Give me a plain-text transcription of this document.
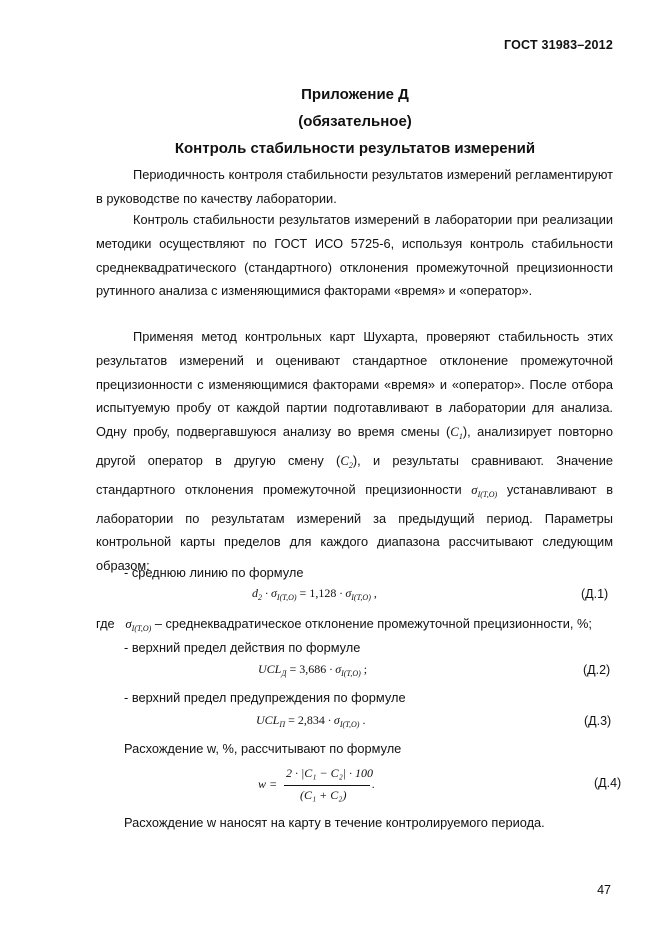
ГОСТ 31983–2012
Приложение Д
(обязательное)
Контроль стабильности результатов измерений
Периодичность контроля стабильности результатов измерений регламентируют в руководстве по качеству лаборатории.
Контроль стабильности результатов измерений в лаборатории при реализации методики осуществляют по ГОСТ ИСО 5725-6, используя контроль стабильности среднеквадратического (стандартного) отклонения промежуточной прецизионности рутинного анализа с изменяющимися факторами «время» и «оператор».
Применяя метод контрольных карт Шухарта, проверяют стабильность этих результатов измерений и оценивают стандартное отклонение промежуточной прецизионности с изменяющимися факторами «время» и «оператор». После отбора испытуемую пробу от каждой партии подготавливают в лаборатории для анализа. Одну пробу, подвергавшуюся анализу во время смены $(C_1)$, анализирует повторно другой оператор в другую смену $(C_2)$, и результаты сравнивают. Значение стандартного отклонения промежуточной прецизионности $\sigma_{I(T,O)}$ устанавливают в лаборатории по результатам измерений за предыдущий период. Параметры контрольной карты пределов для каждого диапазона рассчитывают следующим образом:
- среднюю линию по формуле
$d_2 \cdot \sigma_{I(T,O)} = 1,128 \cdot \sigma_{I(T,O)}$ ,	(Д.1)
где $\sigma_{I(T,O)}$ – среднеквадратическое отклонение промежуточной прецизионности, %;
- верхний предел действия по формуле
$UCL_Д = 3,686 \cdot \sigma_{I(T,O)}$ ;	(Д.2)
- верхний предел предупреждения по формуле
$UCL_П = 2,834 \cdot \sigma_{I(T,O)}$ .	(Д.3)
Расхождение w, %, рассчитывают по формуле
w =
2 · |C₁ − C₂| · 100
(C₁ + C₂)
.	(Д.4)
Расхождение w наносят на карту в течение контролируемого периода.
47
